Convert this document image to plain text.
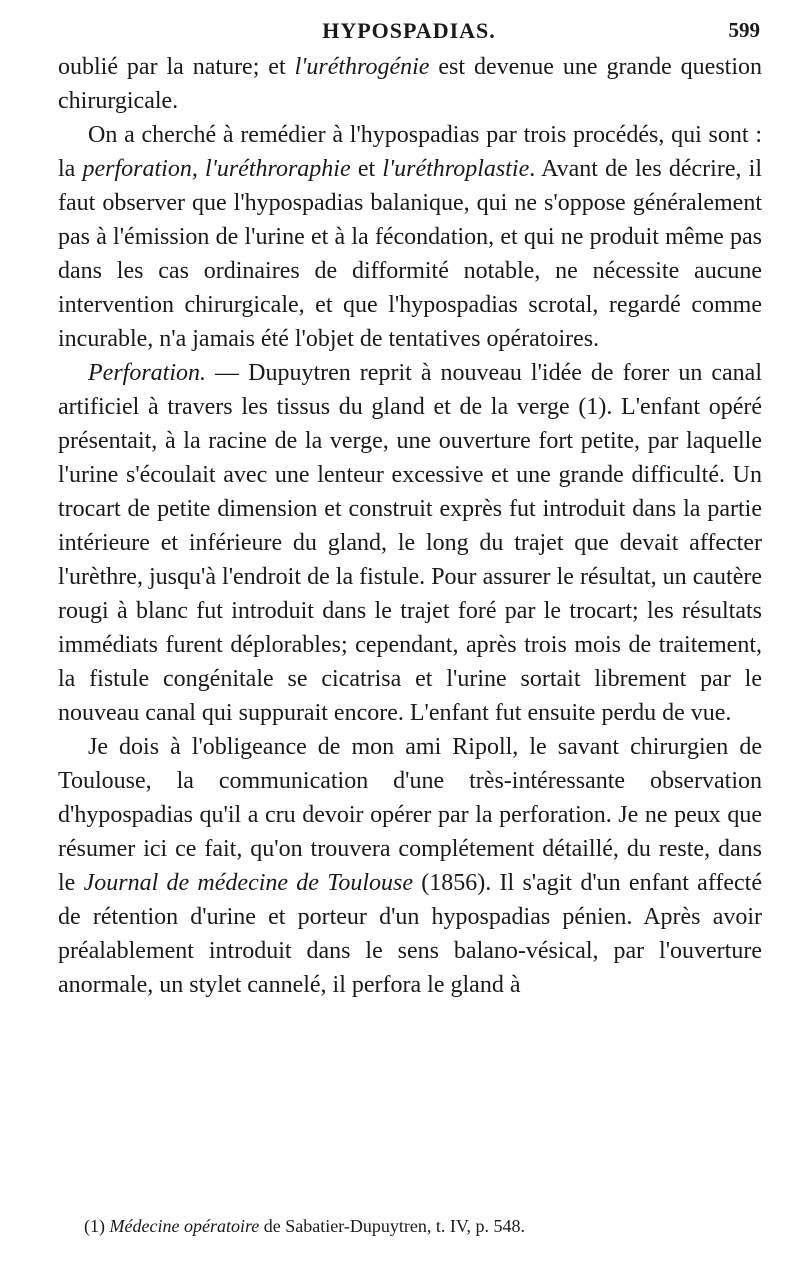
HYPOSPADIAS.	599

oublié par la nature; et l'uréthrogénie est devenue une grande question chirurgicale.

On a cherché à remédier à l'hypospadias par trois procédés, qui sont : la perforation, l'uréthroraphie et l'uréthroplastie. Avant de les décrire, il faut observer que l'hypospadias balanique, qui ne s'oppose généralement pas à l'émission de l'urine et à la fécondation, et qui ne produit même pas dans les cas ordinaires de difformité notable, ne nécessite aucune intervention chirurgicale, et que l'hypospadias scrotal, regardé comme incurable, n'a jamais été l'objet de tentatives opératoires.

Perforation. — Dupuytren reprit à nouveau l'idée de forer un canal artificiel à travers les tissus du gland et de la verge (1). L'enfant opéré présentait, à la racine de la verge, une ouverture fort petite, par laquelle l'urine s'écoulait avec une lenteur excessive et une grande difficulté. Un trocart de petite dimension et construit exprès fut introduit dans la partie intérieure et inférieure du gland, le long du trajet que devait affecter l'urèthre, jusqu'à l'endroit de la fistule. Pour assurer le résultat, un cautère rougi à blanc fut introduit dans le trajet foré par le trocart; les résultats immédiats furent déplorables; cependant, après trois mois de traitement, la fistule congénitale se cicatrisa et l'urine sortait librement par le nouveau canal qui suppurait encore. L'enfant fut ensuite perdu de vue.

Je dois à l'obligeance de mon ami Ripoll, le savant chirurgien de Toulouse, la communication d'une très-intéressante observation d'hypospadias qu'il a cru devoir opérer par la perforation. Je ne peux que résumer ici ce fait, qu'on trouvera complétement détaillé, du reste, dans le Journal de médecine de Toulouse (1856). Il s'agit d'un enfant affecté de rétention d'urine et porteur d'un hypospadias pénien. Après avoir préalablement introduit dans le sens balano-vésical, par l'ouverture anormale, un stylet cannelé, il perfora le gland à

(1) Médecine opératoire de Sabatier-Dupuytren, t. IV, p. 548.
